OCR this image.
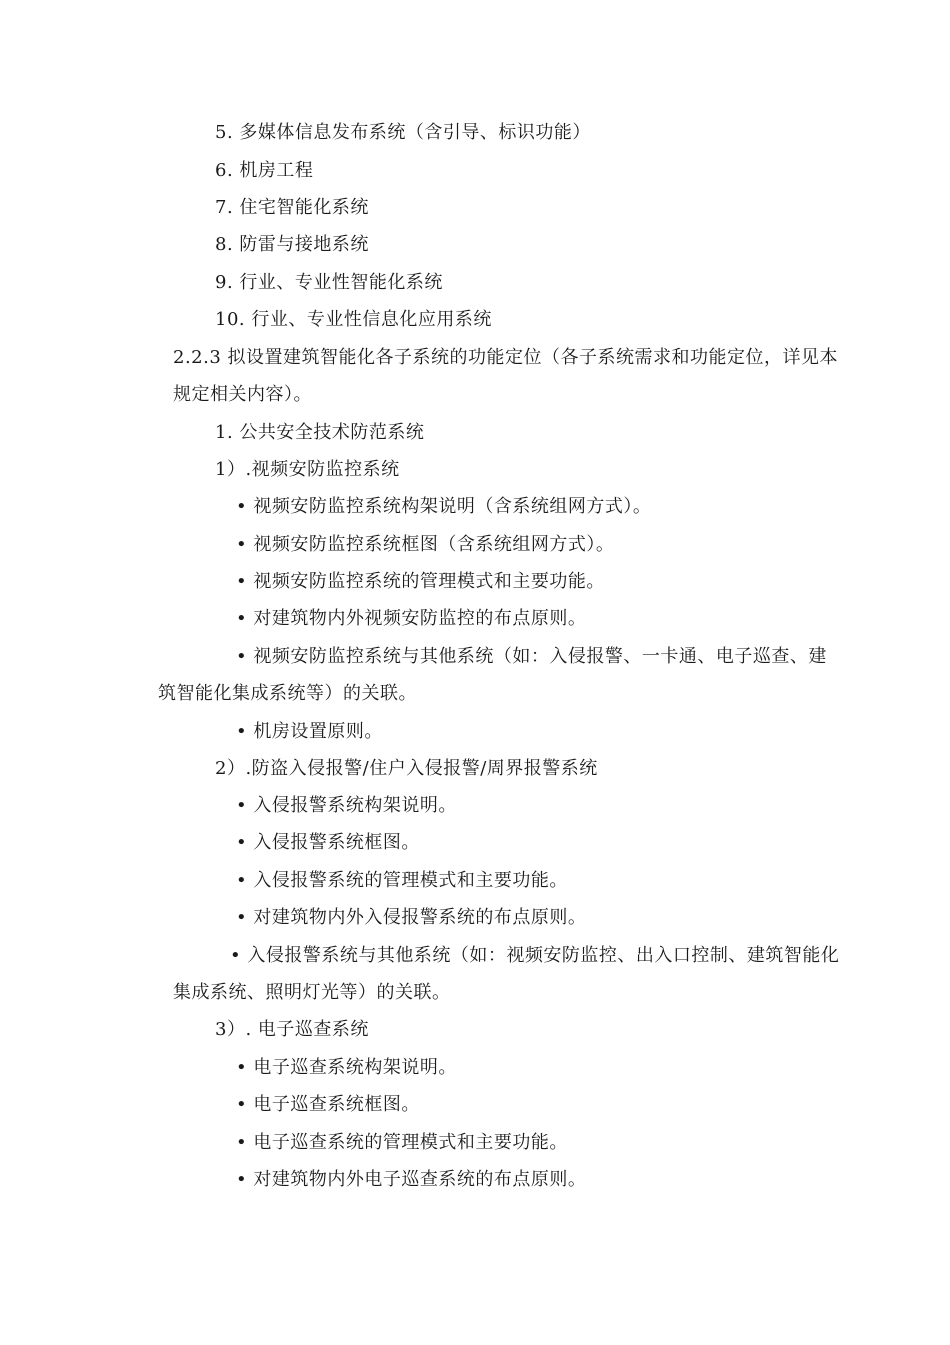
5. 多媒体信息发布系统（含引导、标识功能）
6. 机房工程
7. 住宅智能化系统
8. 防雷与接地系统
9. 行业、专业性智能化系统
10. 行业、专业性信息化应用系统
2.2.3 拟设置建筑智能化各子系统的功能定位（各子系统需求和功能定位，详见本
规定相关内容）。
1. 公共安全技术防范系统
1）.视频安防监控系统
• 视频安防监控系统构架说明（含系统组网方式）。
• 视频安防监控系统框图（含系统组网方式）。
• 视频安防监控系统的管理模式和主要功能。
• 对建筑物内外视频安防监控的布点原则。
• 视频安防监控系统与其他系统（如：入侵报警、一卡通、电子巡查、建
筑智能化集成系统等）的关联。
• 机房设置原则。
2）.防盗入侵报警/住户入侵报警/周界报警系统
• 入侵报警系统构架说明。
• 入侵报警系统框图。
• 入侵报警系统的管理模式和主要功能。
• 对建筑物内外入侵报警系统的布点原则。
• 入侵报警系统与其他系统（如：视频安防监控、出入口控制、建筑智能化
集成系统、照明灯光等）的关联。
3）. 电子巡查系统
• 电子巡查系统构架说明。
• 电子巡查系统框图。
• 电子巡查系统的管理模式和主要功能。
• 对建筑物内外电子巡查系统的布点原则。
